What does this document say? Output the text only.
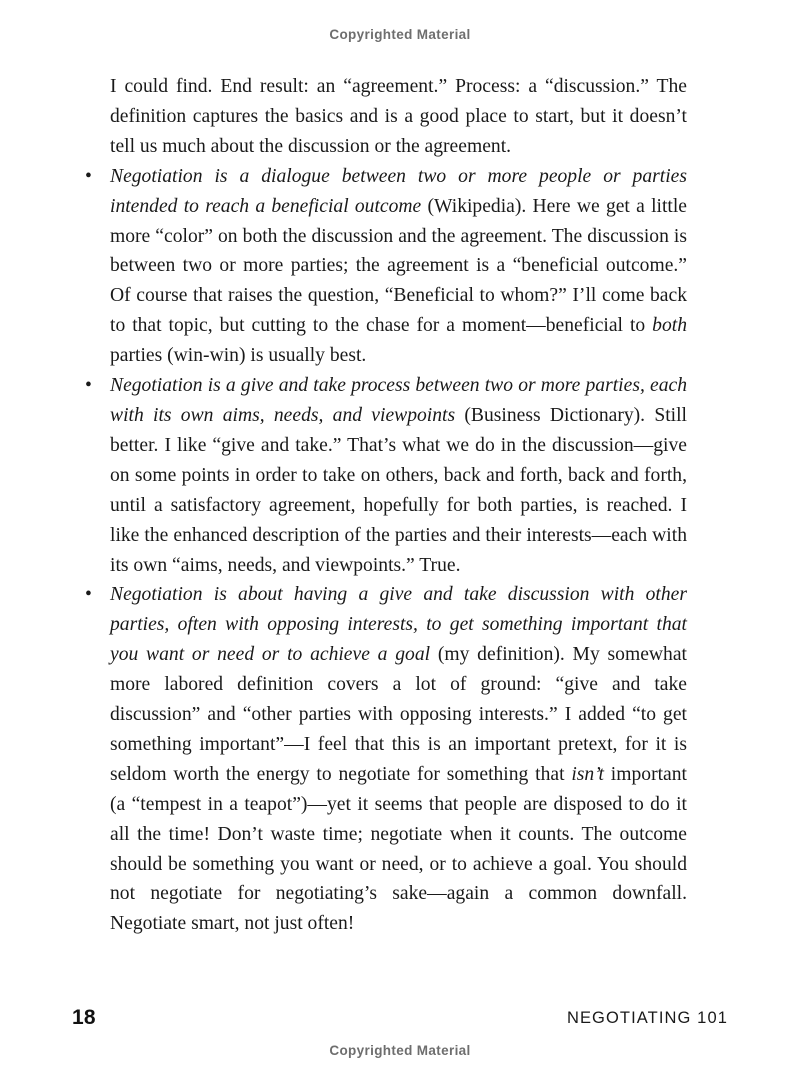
Copyrighted Material

I could find. End result: an “agreement.” Process: a “discussion.” The definition captures the basics and is a good place to start, but it doesn’t tell us much about the discussion or the agreement.

• Negotiation is a dialogue between two or more people or parties intended to reach a beneficial outcome (Wikipedia). Here we get a little more “color” on both the discussion and the agreement. The discussion is between two or more parties; the agreement is a “beneficial outcome.” Of course that raises the question, “Beneficial to whom?” I’ll come back to that topic, but cutting to the chase for a moment—beneficial to both parties (win-win) is usually best.
• Negotiation is a give and take process between two or more parties, each with its own aims, needs, and viewpoints (Business Dictionary). Still better. I like “give and take.” That’s what we do in the discussion—give on some points in order to take on others, back and forth, back and forth, until a satisfactory agreement, hopefully for both parties, is reached. I like the enhanced description of the parties and their interests—each with its own “aims, needs, and viewpoints.” True.
• Negotiation is about having a give and take discussion with other parties, often with opposing interests, to get something important that you want or need or to achieve a goal (my definition). My somewhat more labored definition covers a lot of ground: “give and take discussion” and “other parties with opposing interests.” I added “to get something important”—I feel that this is an important pretext, for it is seldom worth the energy to negotiate for something that isn’t important (a “tempest in a teapot”)—yet it seems that people are disposed to do it all the time! Don’t waste time; negotiate when it counts. The outcome should be something you want or need, or to achieve a goal. You should not negotiate for negotiating’s sake—again a common downfall. Negotiate smart, not just often!
18	NEGOTIATING 101
Copyrighted Material
